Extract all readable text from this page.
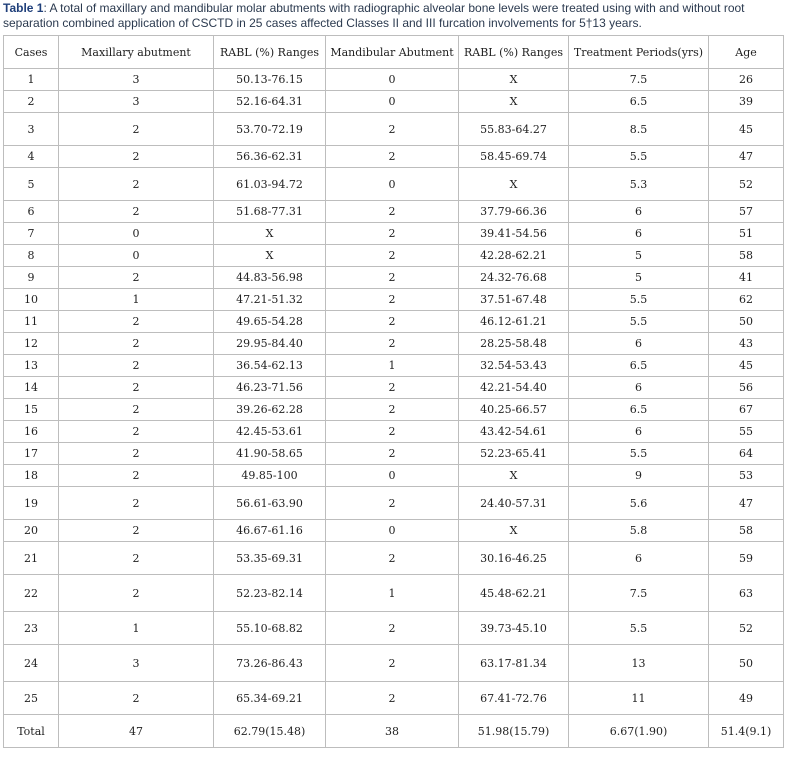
Table 1: A total of maxillary and mandibular molar abutments with radiographic alveolar bone levels were treated using with and without root separation combined application of CSCTD in 25 cases affected Classes II and III furcation involvements for 5†13 years.
Cases	Maxillary abutment	RABL (%) Ranges	Mandibular Abutment	RABL (%) Ranges	Treatment Periods(yrs)	Age
1	3	50.13-76.15	0	X	7.5	26
2	3	52.16-64.31	0	X	6.5	39
3	2	53.70-72.19	2	55.83-64.27	8.5	45
4	2	56.36-62.31	2	58.45-69.74	5.5	47
5	2	61.03-94.72	0	X	5.3	52
6	2	51.68-77.31	2	37.79-66.36	6	57
7	0	X	2	39.41-54.56	6	51
8	0	X	2	42.28-62.21	5	58
9	2	44.83-56.98	2	24.32-76.68	5	41
10	1	47.21-51.32	2	37.51-67.48	5.5	62
11	2	49.65-54.28	2	46.12-61.21	5.5	50
12	2	29.95-84.40	2	28.25-58.48	6	43
13	2	36.54-62.13	1	32.54-53.43	6.5	45
14	2	46.23-71.56	2	42.21-54.40	6	56
15	2	39.26-62.28	2	40.25-66.57	6.5	67
16	2	42.45-53.61	2	43.42-54.61	6	55
17	2	41.90-58.65	2	52.23-65.41	5.5	64
18	2	49.85-100	0	X	9	53
19	2	56.61-63.90	2	24.40-57.31	5.6	47
20	2	46.67-61.16	0	X	5.8	58
21	2	53.35-69.31	2	30.16-46.25	6	59
22	2	52.23-82.14	1	45.48-62.21	7.5	63
23	1	55.10-68.82	2	39.73-45.10	5.5	52
24	3	73.26-86.43	2	63.17-81.34	13	50
25	2	65.34-69.21	2	67.41-72.76	11	49
Total	47	62.79(15.48)	38	51.98(15.79)	6.67(1.90)	51.4(9.1)
